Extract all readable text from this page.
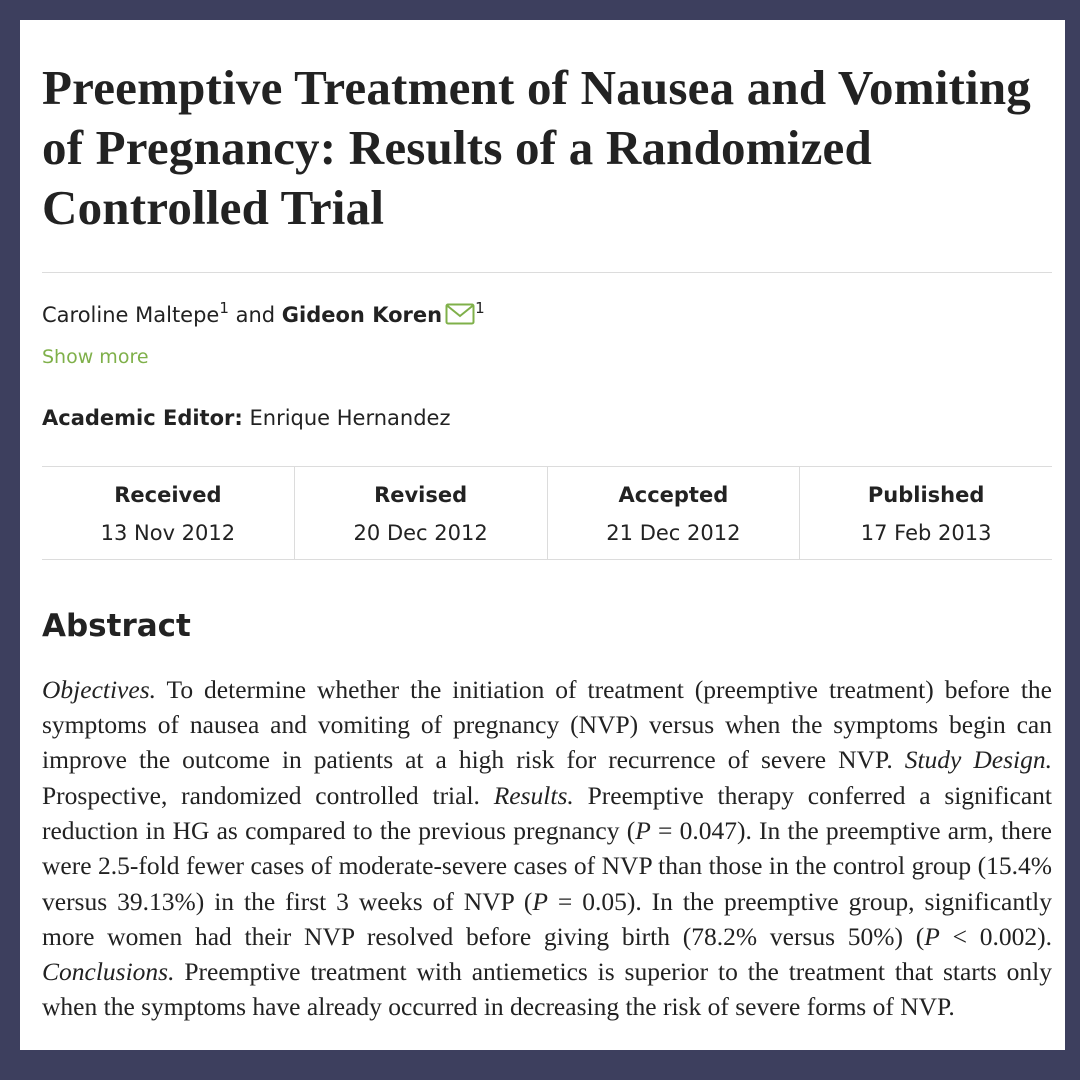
Preemptive Treatment of Nausea and Vomiting of Pregnancy: Results of a Randomized Controlled Trial
Caroline Maltepe$^1$ and Gideon Koren $^1$
Show more
Academic Editor: Enrique Hernandez
Received
13 Nov 2012
Revised
20 Dec 2012
Accepted
21 Dec 2012
Published
17 Feb 2013
Abstract

Objectives. To determine whether the initiation of treatment (preemptive treatment) before the symptoms of nausea and vomiting of pregnancy (NVP) versus when the symptoms begin can improve the outcome in patients at a high risk for recurrence of severe NVP. Study Design. Prospective, randomized controlled trial. Results. Preemptive therapy conferred a significant reduction in HG as compared to the previous pregnancy (P = 0.047). In the preemptive arm, there were 2.5-fold fewer cases of moderate-severe cases of NVP than those in the control group (15.4% versus 39.13%) in the first 3 weeks of NVP (P = 0.05). In the preemptive group, significantly more women had their NVP resolved before giving birth (78.2% versus 50%) (P < 0.002). Conclusions. Preemptive treatment with antiemetics is superior to the treatment that starts only when the symptoms have already occurred in decreasing the risk of severe forms of NVP.
